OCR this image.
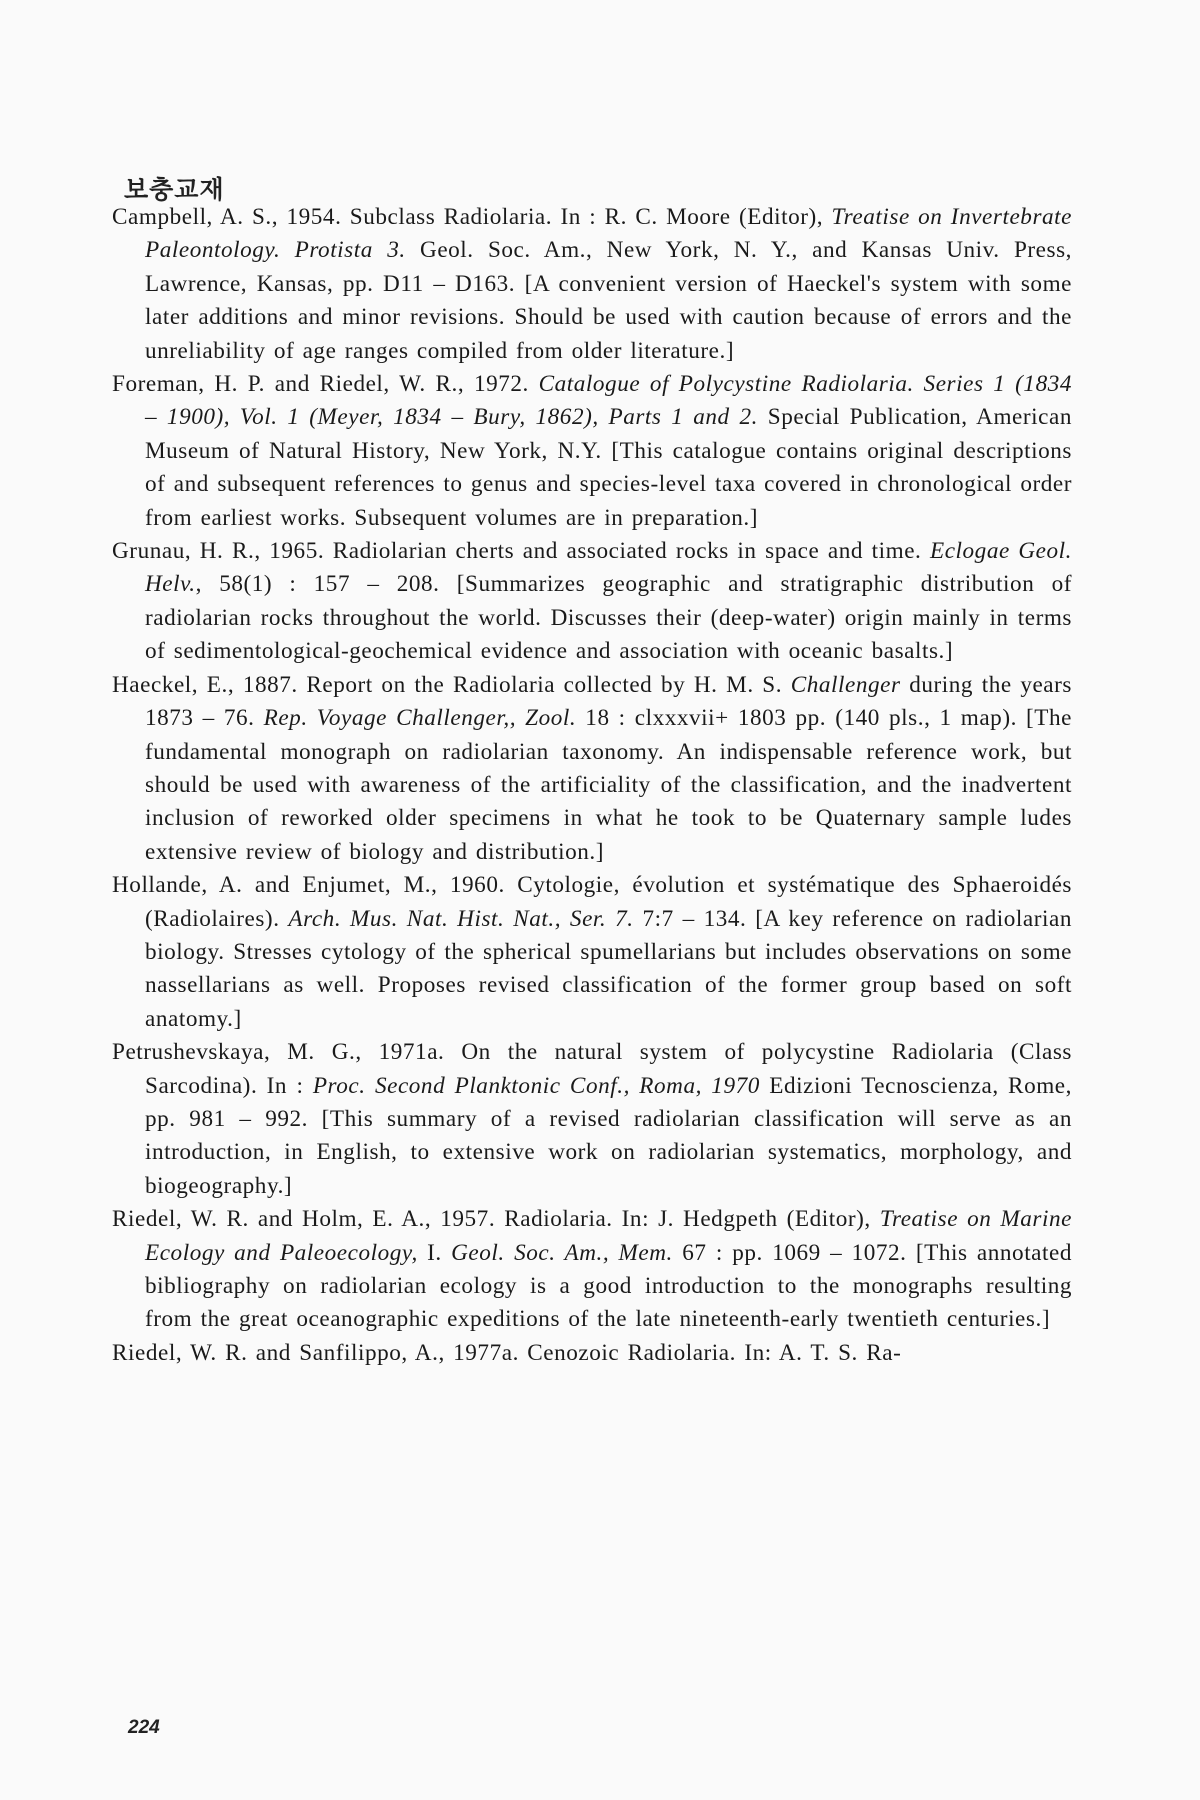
보충교재
Campbell, A. S., 1954. Subclass Radiolaria. In : R. C. Moore (Editor), Treatise on Invertebrate Paleontology. Protista 3. Geol. Soc. Am., New York, N. Y., and Kansas Univ. Press, Lawrence, Kansas, pp. D11 – D163. [A convenient version of Haeckel's system with some later additions and minor revisions. Should be used with caution because of errors and the unreliability of age ranges compiled from older literature.]
Foreman, H. P. and Riedel, W. R., 1972. Catalogue of Polycystine Radiolaria. Series 1 (1834 – 1900), Vol. 1 (Meyer, 1834 – Bury, 1862), Parts 1 and 2. Special Publication, American Museum of Natural History, New York, N.Y. [This catalogue contains original descriptions of and subsequent references to genus and species-level taxa covered in chronological order from earliest works. Subsequent volumes are in preparation.]
Grunau, H. R., 1965. Radiolarian cherts and associated rocks in space and time. Eclogae Geol. Helv., 58(1) : 157 – 208. [Summarizes geographic and stratigraphic distribution of radiolarian rocks throughout the world. Discusses their (deep-water) origin mainly in terms of sedimentological-geochemical evidence and association with oceanic basalts.]
Haeckel, E., 1887. Report on the Radiolaria collected by H. M. S. Challenger during the years 1873 – 76. Rep. Voyage Challenger,, Zool. 18 : clxxxvii+ 1803 pp. (140 pls., 1 map). [The fundamental monograph on radiolarian taxonomy. An indispensable reference work, but should be used with awareness of the artificiality of the classification, and the inadvertent inclusion of reworked older specimens in what he took to be Quaternary sample ludes extensive review of biology and distribution.]
Hollande, A. and Enjumet, M., 1960. Cytologie, évolution et systématique des Sphaeroidés (Radiolaires). Arch. Mus. Nat. Hist. Nat., Ser. 7. 7:7 – 134. [A key reference on radiolarian biology. Stresses cytology of the spherical spumellarians but includes observations on some nassellarians as well. Proposes revised classification of the former group based on soft anatomy.]
Petrushevskaya, M. G., 1971a. On the natural system of polycystine Radiolaria (Class Sarcodina). In : Proc. Second Planktonic Conf., Roma, 1970 Edizioni Tecnoscienza, Rome, pp. 981 – 992. [This summary of a revised radiolarian classification will serve as an introduction, in English, to extensive work on radiolarian systematics, morphology, and biogeography.]
Riedel, W. R. and Holm, E. A., 1957. Radiolaria. In: J. Hedgpeth (Editor), Treatise on Marine Ecology and Paleoecology, I. Geol. Soc. Am., Mem. 67 : pp. 1069 – 1072. [This annotated bibliography on radiolarian ecology is a good introduction to the monographs resulting from the great oceanographic expeditions of the late nineteenth-early twentieth centuries.]
Riedel, W. R. and Sanfilippo, A., 1977a. Cenozoic Radiolaria. In: A. T. S. Ra-
224
